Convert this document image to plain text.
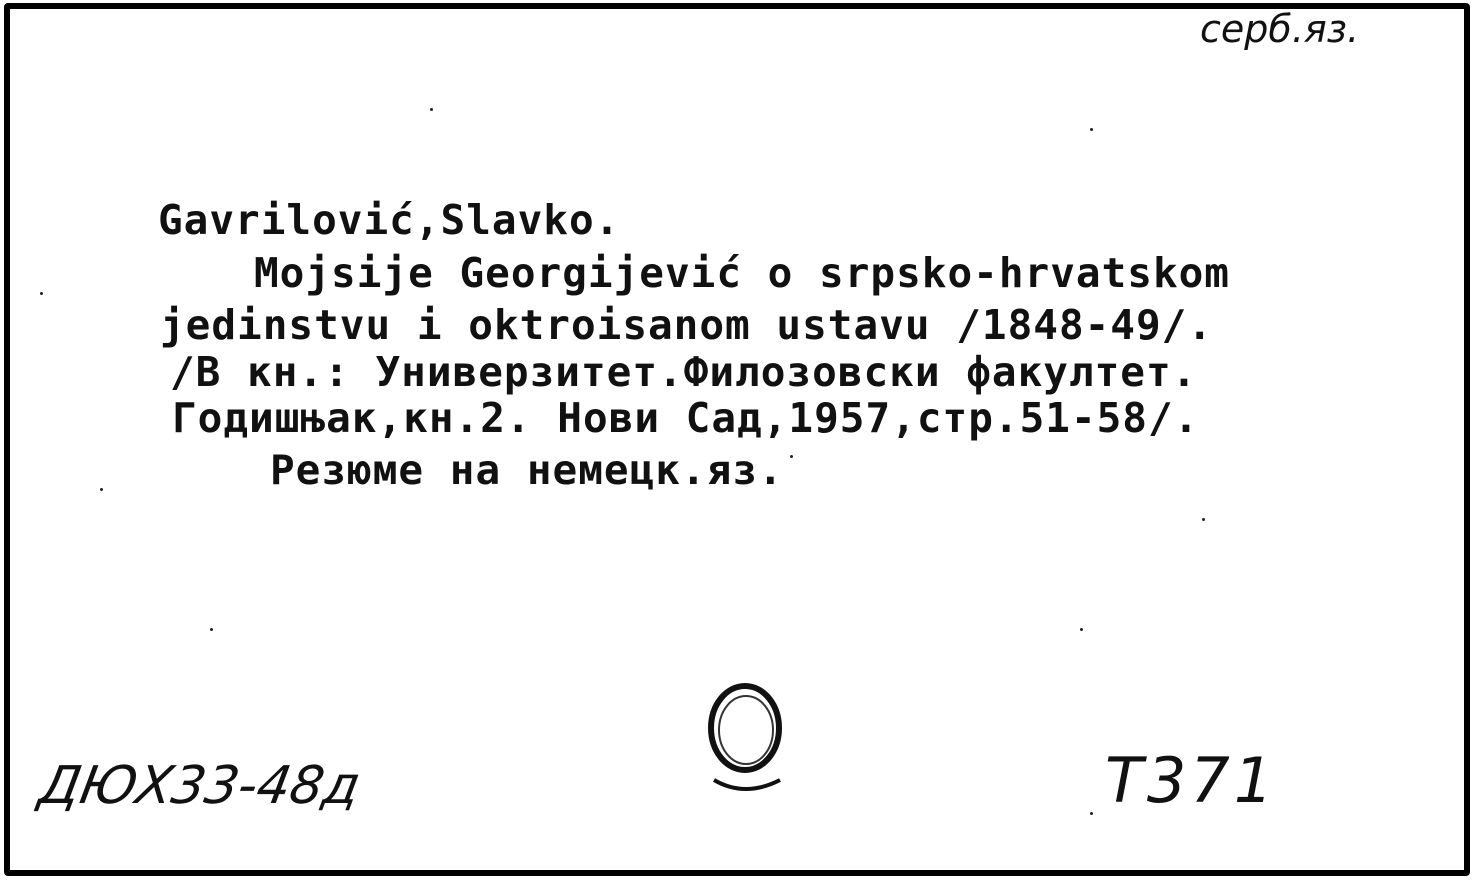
серб.яз.
Gavrilović,Slavko.
Mojsije Georgijević o srpsko-hrvatskom
jedinstvu i oktroisanom ustavu /1848-49/.
/В кн.: Универзитет.Филозовски факултет.
Годишњак,кн.2. Нови Сад,1957,стр.51-58/.
Резюме на немецк.яз.
ДЮХ33-48д	Т371
